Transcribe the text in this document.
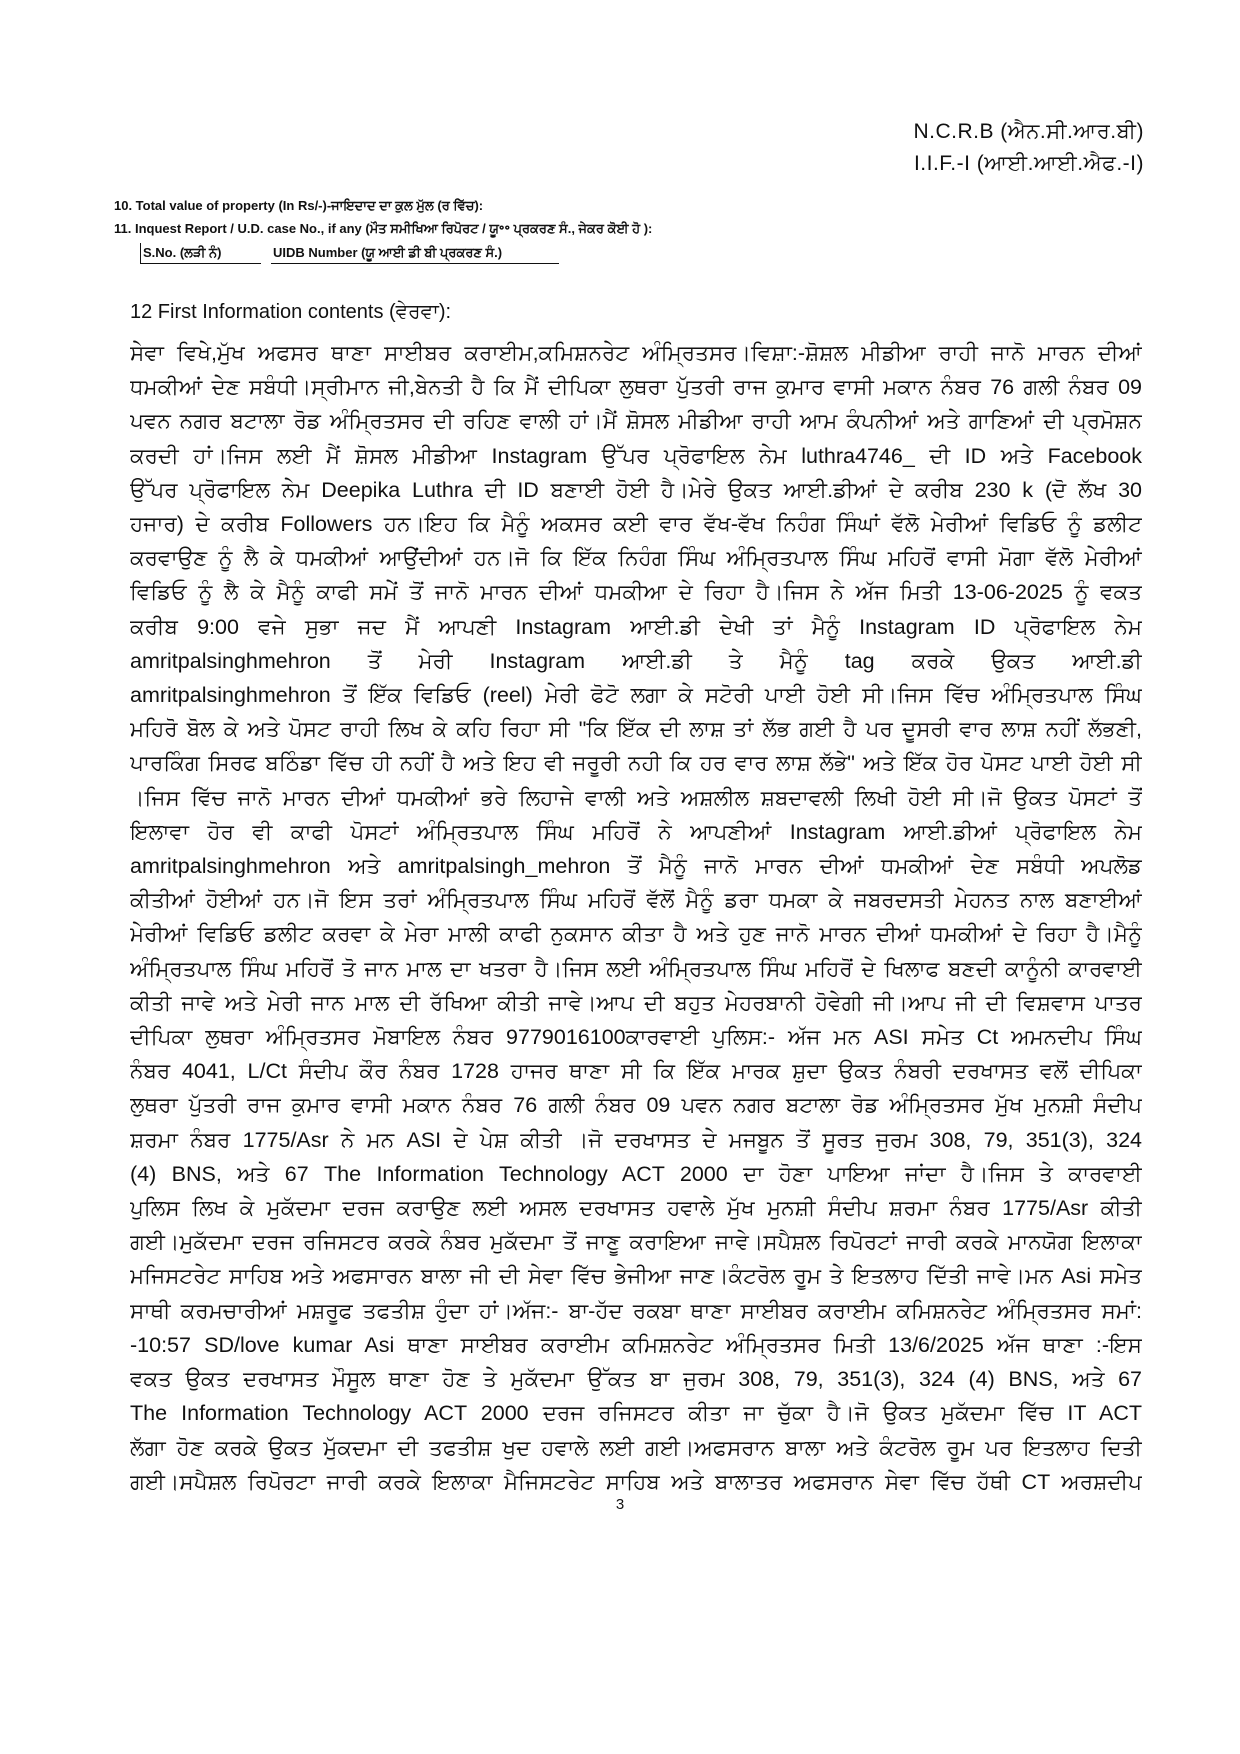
N.C.R.B (ਐਨ.ਸੀ.ਆਰ.ਬੀ)
I.I.F.-I (ਆਈ.ਆਈ.ਐਫ.-I)
10. Total value of property (In Rs/-)-ਜਾਇਦਾਦ ਦਾ ਕੁਲ ਮੁੱਲ (ਰ ਵਿੱਚ):
11. Inquest Report / U.D. case No., if any (ਮੌਤ ਸਮੀਖਿਆ ਰਿਪੋਰਟ / ਯੂ॰॰ ਪ੍ਰਕਰਣ ਸੰ., ਜੇਕਰ ਕੋਈ ਹੋ ):
S.No. (ਲੜੀ ਨੰ)	UIDB Number (ਯੂ ਆਈ ਡੀ ਬੀ ਪ੍ਰਕਰਣ ਸੰ.)
12 First Information contents (ਵੇਰਵਾ):
ਸੇਵਾ ਵਿਖੇ,ਮੁੱਖ ਅਫਸਰ ਥਾਣਾ ਸਾਈਬਰ ਕਰਾਈਮ,ਕਮਿਸ਼ਨਰੇਟ ਅੰਮ੍ਰਿਤਸਰ।ਵਿਸ਼ਾ:-ਸ਼ੋਸ਼ਲ ਮੀਡੀਆ ਰਾਹੀ ਜਾਨੋ ਮਾਰਨ ਦੀਆਂ
ਧਮਕੀਆਂ ਦੇਣ ਸਬੰਧੀ।ਸ੍ਰੀਮਾਨ ਜੀ,ਬੇਨਤੀ ਹੈ ਕਿ ਮੈਂ ਦੀਪਿਕਾ ਲੁਥਰਾ ਪੁੱਤਰੀ ਰਾਜ ਕੁਮਾਰ ਵਾਸੀ ਮਕਾਨ ਨੰਬਰ 76 ਗਲੀ ਨੰਬਰ 09
ਪਵਨ ਨਗਰ ਬਟਾਲਾ ਰੋਡ ਅੰਮ੍ਰਿਤਸਰ ਦੀ ਰਹਿਣ ਵਾਲੀ ਹਾਂ।ਮੈਂ ਸ਼ੋਸਲ ਮੀਡੀਆ ਰਾਹੀ ਆਮ ਕੰਪਨੀਆਂ ਅਤੇ ਗਾਣਿਆਂ ਦੀ ਪ੍ਰਮੋਸ਼ਨ
ਕਰਦੀ ਹਾਂ।ਜਿਸ ਲਈ ਮੈਂ ਸ਼ੋਸਲ ਮੀਡੀਆ Instagram ਉੱਪਰ ਪ੍ਰੋਫਾਇਲ ਨੇਮ luthra4746_ ਦੀ ID ਅਤੇ Facebook
ਉੱਪਰ ਪ੍ਰੋਫਾਇਲ ਨੇਮ Deepika Luthra ਦੀ ID ਬਣਾਈ ਹੋਈ ਹੈ।ਮੇਰੇ ਉਕਤ ਆਈ.ਡੀਆਂ ਦੇ ਕਰੀਬ 230 k (ਦੋ ਲੱਖ 30
ਹਜਾਰ) ਦੇ ਕਰੀਬ Followers ਹਨ।ਇਹ ਕਿ ਮੈਨੂੰ ਅਕਸਰ ਕਈ ਵਾਰ ਵੱਖ-ਵੱਖ ਨਿਹੰਗ ਸਿੰਘਾਂ ਵੱਲੋ ਮੇਰੀਆਂ ਵਿਡਿਓ ਨੂੰ ਡਲੀਟ
ਕਰਵਾਉਣ ਨੂੰ ਲੈ ਕੇ ਧਮਕੀਆਂ ਆਉਂਦੀਆਂ ਹਨ।ਜੋ ਕਿ ਇੱਕ ਨਿਹੰਗ ਸਿੰਘ ਅੰਮ੍ਰਿਤਪਾਲ ਸਿੰਘ ਮਹਿਰੋਂ ਵਾਸੀ ਮੋਗਾ ਵੱਲੋ ਮੇਰੀਆਂ
ਵਿਡਿਓ ਨੂੰ ਲੈ ਕੇ ਮੈਨੂੰ ਕਾਫੀ ਸਮੇਂ ਤੋਂ ਜਾਨੋ ਮਾਰਨ ਦੀਆਂ ਧਮਕੀਆ ਦੇ ਰਿਹਾ ਹੈ।ਜਿਸ ਨੇ ਅੱਜ ਮਿਤੀ 13-06-2025 ਨੂੰ ਵਕਤ
ਕਰੀਬ 9:00 ਵਜੇ ਸੁਭਾ ਜਦ ਮੈਂ ਆਪਣੀ Instagram ਆਈ.ਡੀ ਦੇਖੀ ਤਾਂ ਮੈਨੂੰ Instagram ID ਪ੍ਰੋਫਾਇਲ ਨੇਮ
amritpalsinghmehron ਤੋਂ ਮੇਰੀ Instagram ਆਈ.ਡੀ ਤੇ ਮੈਨੂੰ tag ਕਰਕੇ ਉਕਤ ਆਈ.ਡੀ
amritpalsinghmehron ਤੋਂ ਇੱਕ ਵਿਡਿਓ (reel) ਮੇਰੀ ਫੋਟੋ ਲਗਾ ਕੇ ਸਟੋਰੀ ਪਾਈ ਹੋਈ ਸੀ।ਜਿਸ ਵਿੱਚ ਅੰਮ੍ਰਿਤਪਾਲ ਸਿੰਘ
ਮਹਿਰੋ ਬੋਲ ਕੇ ਅਤੇ ਪੋਸਟ ਰਾਹੀ ਲਿਖ ਕੇ ਕਹਿ ਰਿਹਾ ਸੀ "ਕਿ ਇੱਕ ਦੀ ਲਾਸ਼ ਤਾਂ ਲੱਭ ਗਈ ਹੈ ਪਰ ਦੂਸਰੀ ਵਾਰ ਲਾਸ਼ ਨਹੀਂ ਲੱਭਣੀ,
ਪਾਰਕਿੰਗ ਸਿਰਫ ਬਠਿੰਡਾ ਵਿੱਚ ਹੀ ਨਹੀਂ ਹੈ ਅਤੇ ਇਹ ਵੀ ਜਰੂਰੀ ਨਹੀ ਕਿ ਹਰ ਵਾਰ ਲਾਸ਼ ਲੱਭੇ" ਅਤੇ ਇੱਕ ਹੋਰ ਪੋਸਟ ਪਾਈ ਹੋਈ ਸੀ
।ਜਿਸ ਵਿੱਚ ਜਾਨੋ ਮਾਰਨ ਦੀਆਂ ਧਮਕੀਆਂ ਭਰੇ ਲਿਹਾਜੇ ਵਾਲੀ ਅਤੇ ਅਸ਼ਲੀਲ ਸ਼ਬਦਾਵਲੀ ਲਿਖੀ ਹੋਈ ਸੀ।ਜੋ ਉਕਤ ਪੋਸਟਾਂ ਤੋਂ
ਇਲਾਵਾ ਹੋਰ ਵੀ ਕਾਫੀ ਪੋਸਟਾਂ ਅੰਮ੍ਰਿਤਪਾਲ ਸਿੰਘ ਮਹਿਰੋਂ ਨੇ ਆਪਣੀਆਂ Instagram ਆਈ.ਡੀਆਂ ਪ੍ਰੋਫਾਇਲ ਨੇਮ
amritpalsinghmehron ਅਤੇ amritpalsingh_mehron ਤੋਂ ਮੈਨੂੰ ਜਾਨੋ ਮਾਰਨ ਦੀਆਂ ਧਮਕੀਆਂ ਦੇਣ ਸਬੰਧੀ ਅਪਲੋਡ
ਕੀਤੀਆਂ ਹੋਈਆਂ ਹਨ।ਜੋ ਇਸ ਤਰਾਂ ਅੰਮ੍ਰਿਤਪਾਲ ਸਿੰਘ ਮਹਿਰੋਂ ਵੱਲੋਂ ਮੈਨੂੰ ਡਰਾ ਧਮਕਾ ਕੇ ਜਬਰਦਸਤੀ ਮੇਹਨਤ ਨਾਲ ਬਣਾਈਆਂ
ਮੇਰੀਆਂ ਵਿਡਿਓ ਡਲੀਟ ਕਰਵਾ ਕੇ ਮੇਰਾ ਮਾਲੀ ਕਾਫੀ ਨੁਕਸਾਨ ਕੀਤਾ ਹੈ ਅਤੇ ਹੁਣ ਜਾਨੋ ਮਾਰਨ ਦੀਆਂ ਧਮਕੀਆਂ ਦੇ ਰਿਹਾ ਹੈ।ਮੈਨੂੰ
ਅੰਮ੍ਰਿਤਪਾਲ ਸਿੰਘ ਮਹਿਰੋਂ ਤੋ ਜਾਨ ਮਾਲ ਦਾ ਖਤਰਾ ਹੈ।ਜਿਸ ਲਈ ਅੰਮ੍ਰਿਤਪਾਲ ਸਿੰਘ ਮਹਿਰੋਂ ਦੇ ਖਿਲਾਫ ਬਣਦੀ ਕਾਨੂੰਨੀ ਕਾਰਵਾਈ
ਕੀਤੀ ਜਾਵੇ ਅਤੇ ਮੇਰੀ ਜਾਨ ਮਾਲ ਦੀ ਰੱਖਿਆ ਕੀਤੀ ਜਾਵੇ।ਆਪ ਦੀ ਬਹੁਤ ਮੇਹਰਬਾਨੀ ਹੋਵੇਗੀ ਜੀ।ਆਪ ਜੀ ਦੀ ਵਿਸ਼ਵਾਸ ਪਾਤਰ
ਦੀਪਿਕਾ ਲੁਥਰਾ ਅੰਮ੍ਰਿਤਸਰ ਮੋਬਾਇਲ ਨੰਬਰ 9779016100ਕਾਰਵਾਈ ਪੁਲਿਸ:- ਅੱਜ ਮਨ ASI ਸਮੇਤ Ct ਅਮਨਦੀਪ ਸਿੰਘ
ਨੰਬਰ 4041, L/Ct ਸੰਦੀਪ ਕੌਰ ਨੰਬਰ 1728 ਹਾਜਰ ਥਾਣਾ ਸੀ ਕਿ ਇੱਕ ਮਾਰਕ ਸ਼ੁਦਾ ਉਕਤ ਨੰਬਰੀ ਦਰਖਾਸਤ ਵਲੋਂ ਦੀਪਿਕਾ
ਲੁਥਰਾ ਪੁੱਤਰੀ ਰਾਜ ਕੁਮਾਰ ਵਾਸੀ ਮਕਾਨ ਨੰਬਰ 76 ਗਲੀ ਨੰਬਰ 09 ਪਵਨ ਨਗਰ ਬਟਾਲਾ ਰੋਡ ਅੰਮ੍ਰਿਤਸਰ ਮੁੱਖ ਮੁਨਸ਼ੀ ਸੰਦੀਪ
ਸ਼ਰਮਾ ਨੰਬਰ 1775/Asr ਨੇ ਮਨ ASI ਦੇ ਪੇਸ਼ ਕੀਤੀ ।ਜੋ ਦਰਖਾਸਤ ਦੇ ਮਜਬੂਨ ਤੋਂ ਸੂਰਤ ਜੁਰਮ 308, 79, 351(3), 324
(4) BNS, ਅਤੇ 67 The Information Technology ACT 2000 ਦਾ ਹੋਣਾ ਪਾਇਆ ਜਾਂਦਾ ਹੈ।ਜਿਸ ਤੇ ਕਾਰਵਾਈ
ਪੁਲਿਸ ਲਿਖ ਕੇ ਮੁਕੱਦਮਾ ਦਰਜ ਕਰਾਉਣ ਲਈ ਅਸਲ ਦਰਖਾਸਤ ਹਵਾਲੇ ਮੁੱਖ ਮੁਨਸ਼ੀ ਸੰਦੀਪ ਸ਼ਰਮਾ ਨੰਬਰ 1775/Asr ਕੀਤੀ
ਗਈ।ਮੁਕੱਦਮਾ ਦਰਜ ਰਜਿਸਟਰ ਕਰਕੇ ਨੰਬਰ ਮੁਕੱਦਮਾ ਤੋਂ ਜਾਣੂ ਕਰਾਇਆ ਜਾਵੇ।ਸਪੈਸ਼ਲ ਰਿਪੋਰਟਾਂ ਜਾਰੀ ਕਰਕੇ ਮਾਨਯੋਗ ਇਲਾਕਾ
ਮਜਿਸਟਰੇਟ ਸਾਹਿਬ ਅਤੇ ਅਫਸਾਰਨ ਬਾਲਾ ਜੀ ਦੀ ਸੇਵਾ ਵਿੱਚ ਭੇਜੀਆ ਜਾਣ।ਕੰਟਰੋਲ ਰੂਮ ਤੇ ਇਤਲਾਹ ਦਿੱਤੀ ਜਾਵੇ।ਮਨ Asi ਸਮੇਤ
ਸਾਥੀ ਕਰਮਚਾਰੀਆਂ ਮਸ਼ਰੂਫ ਤਫਤੀਸ਼ ਹੁੰਦਾ ਹਾਂ।ਅੱਜ:- ਬਾ-ਹੱਦ ਰਕਬਾ ਥਾਣਾ ਸਾਈਬਰ ਕਰਾਈਮ ਕਮਿਸ਼ਨਰੇਟ ਅੰਮ੍ਰਿਤਸਰ ਸਮਾਂ:
-10:57 SD/love kumar Asi ਥਾਣਾ ਸਾਈਬਰ ਕਰਾਈਮ ਕਮਿਸ਼ਨਰੇਟ ਅੰਮ੍ਰਿਤਸਰ ਮਿਤੀ 13/6/2025 ਅੱਜ ਥਾਣਾ :-ਇਸ
ਵਕਤ ਉਕਤ ਦਰਖਾਸਤ ਮੌਸੂਲ ਥਾਣਾ ਹੋਣ ਤੇ ਮੁਕੱਦਮਾ ਉੱਕਤ ਬਾ ਜੁਰਮ 308, 79, 351(3), 324 (4) BNS, ਅਤੇ 67
The Information Technology ACT 2000 ਦਰਜ ਰਜਿਸਟਰ ਕੀਤਾ ਜਾ ਚੁੱਕਾ ਹੈ।ਜੋ ਉਕਤ ਮੁਕੱਦਮਾ ਵਿੱਚ IT ACT
ਲੱਗਾ ਹੋਣ ਕਰਕੇ ਉਕਤ ਮੁੱਕਦਮਾ ਦੀ ਤਫਤੀਸ਼ ਖੁਦ ਹਵਾਲੇ ਲਈ ਗਈ।ਅਫਸਰਾਨ ਬਾਲਾ ਅਤੇ ਕੰਟਰੋਲ ਰੂਮ ਪਰ ਇਤਲਾਹ ਦਿਤੀ
ਗਈ।ਸਪੈਸ਼ਲ ਰਿਪੋਰਟਾ ਜਾਰੀ ਕਰਕੇ ਇਲਾਕਾ ਮੈਜਿਸਟਰੇਟ ਸਾਹਿਬ ਅਤੇ ਬਾਲਾਤਰ ਅਫਸਰਾਨ ਸੇਵਾ ਵਿੱਚ ਹੱਥੀ CT ਅਰਸ਼ਦੀਪ
3
